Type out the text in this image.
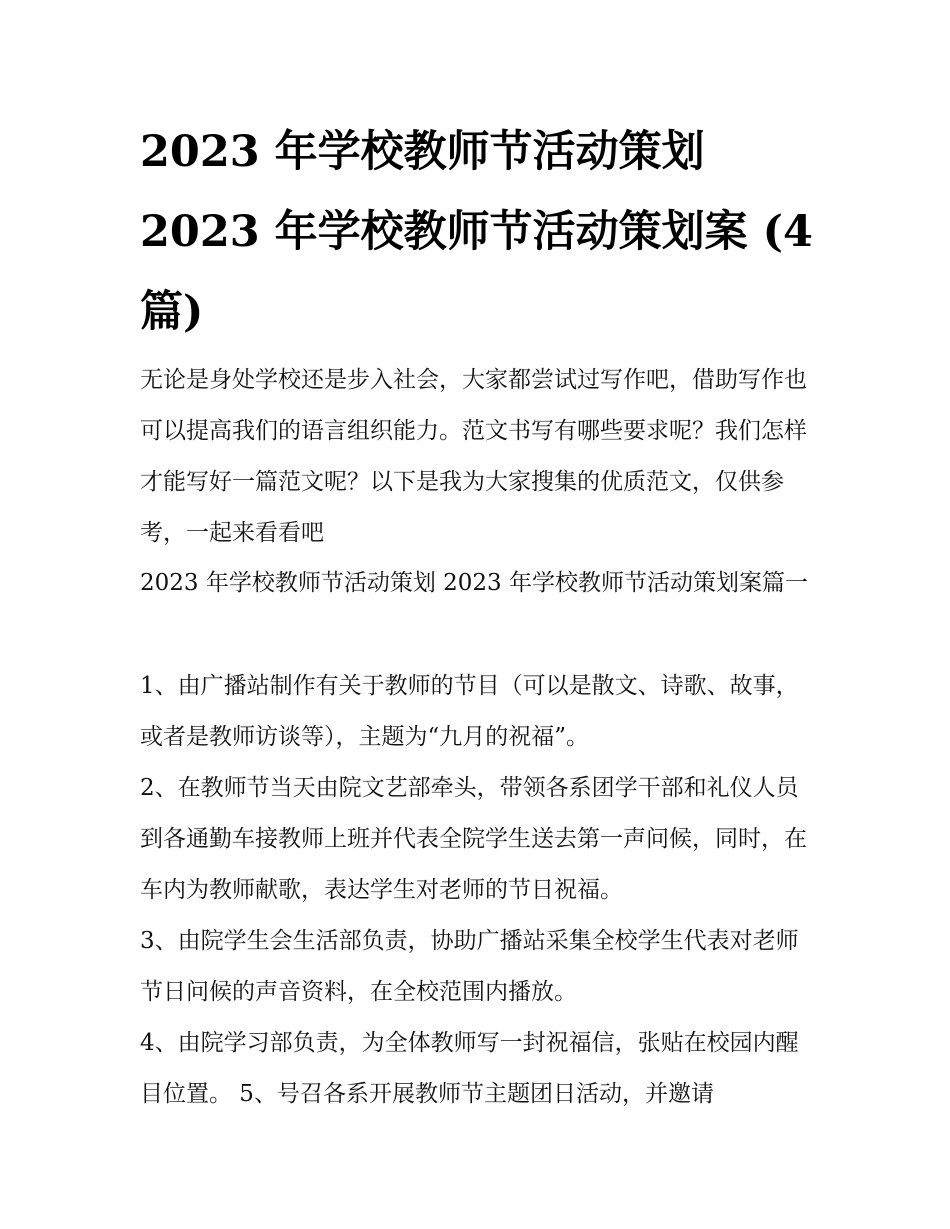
2023 年学校教师节活动策划 2023 年学校教师节活动策划案 (4 篇)

无论是身处学校还是步入社会，大家都尝试过写作吧，借助写作也可以提高我们的语言组织能力。范文书写有哪些要求呢？我们怎样才能写好一篇范文呢？以下是我为大家搜集的优质范文，仅供参考，一起来看看吧

2023 年学校教师节活动策划 2023 年学校教师节活动策划案篇一

1、由广播站制作有关于教师的节目（可以是散文、诗歌、故事，或者是教师访谈等），主题为“九月的祝福”。

2、在教师节当天由院文艺部牵头，带领各系团学干部和礼仪人员到各通勤车接教师上班并代表全院学生送去第一声问候，同时，在车内为教师献歌，表达学生对老师的节日祝福。

3、由院学生会生活部负责，协助广播站采集全校学生代表对老师节日问候的声音资料，在全校范围内播放。

4、由院学习部负责，为全体教师写一封祝福信，张贴在校园内醒目位置。 5、号召各系开展教师节主题团日活动，并邀请
